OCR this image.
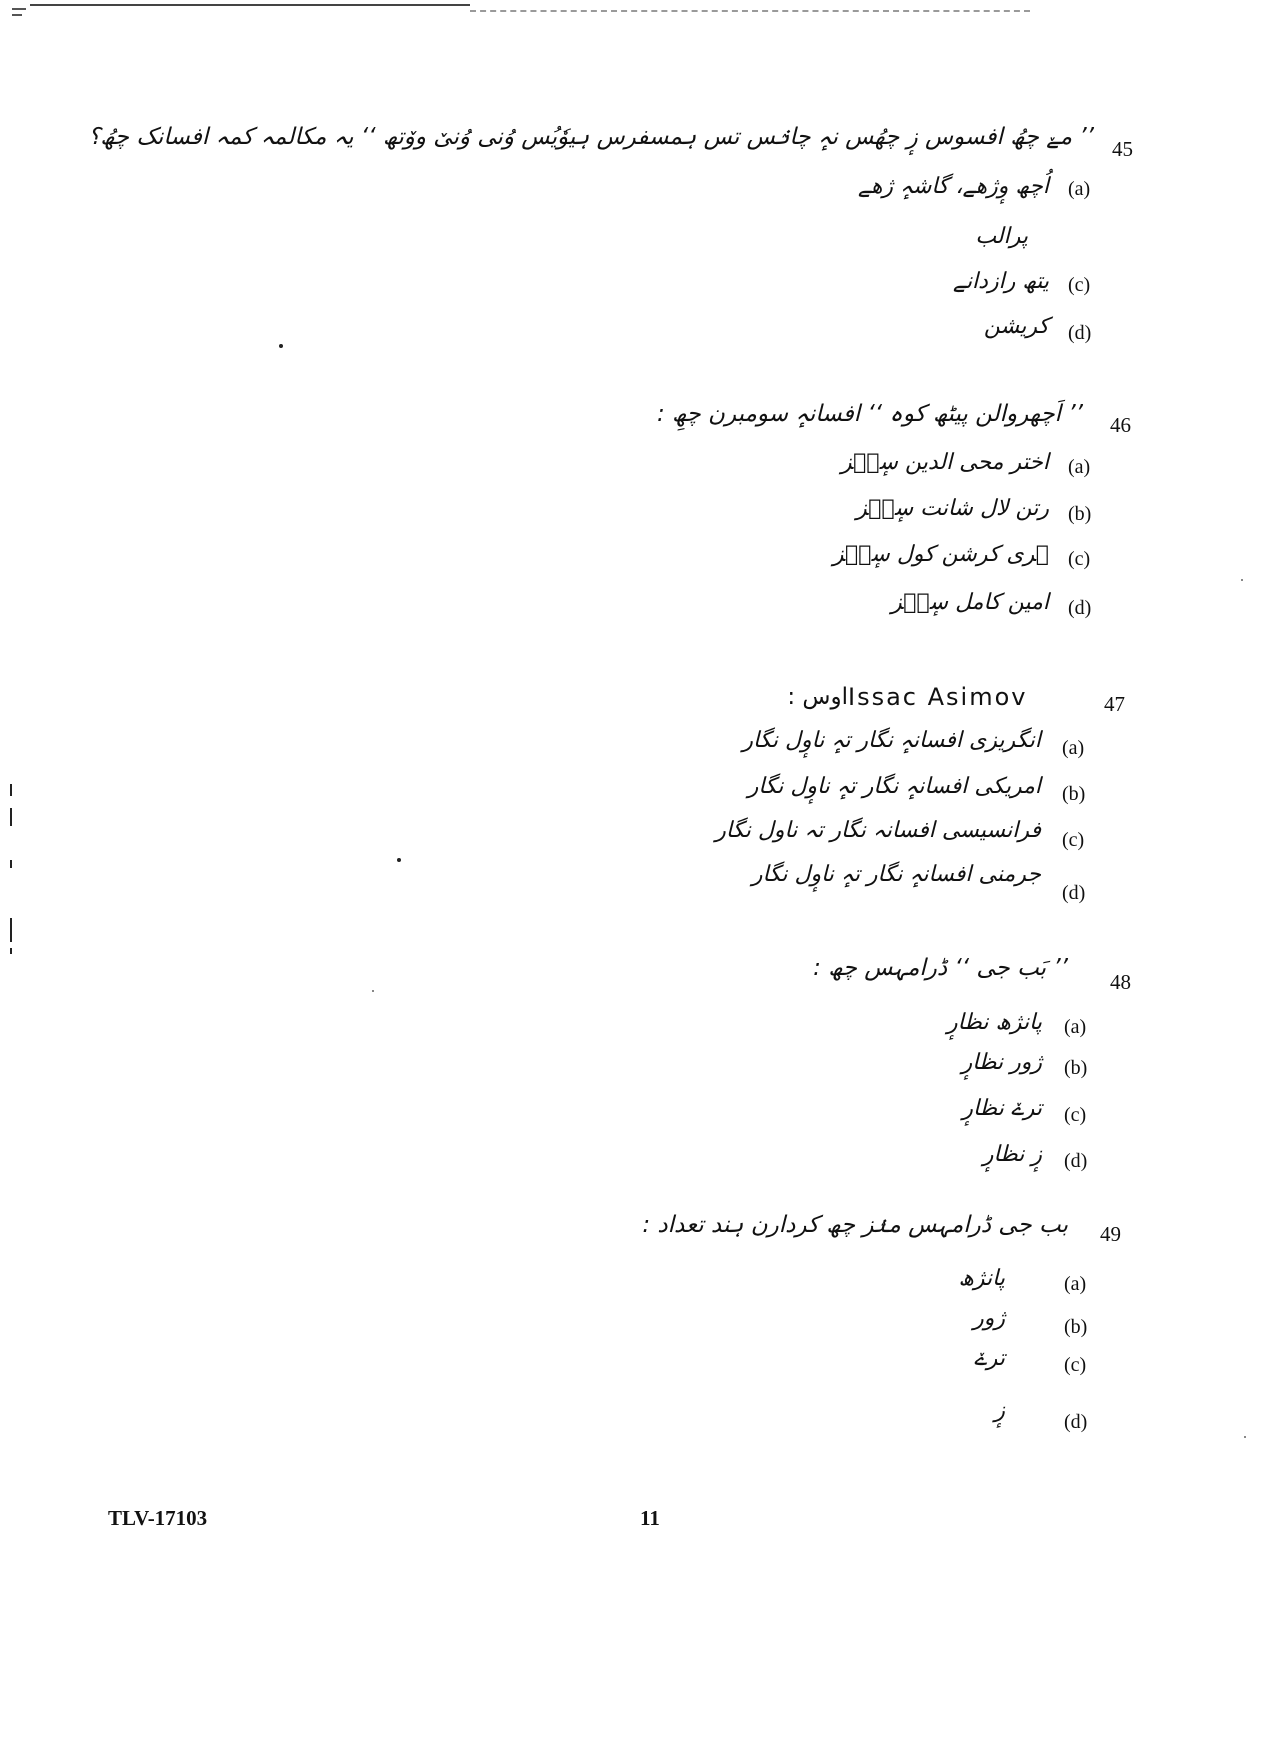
45
’’ مےٚ چھُ افسوس زٕ چھُس نہٕ چانٛس تس ہمسفرس ہیوٗیُس وُنی وُنیٚ ووٚتھ ‘‘ یہ مکالمہ کمہ افسانک چھُ؟
(a)
اُچھ وٕژھے، گاشہٕ ژھے
پرالب
(c)
یتھ رازدانے
(d)
کریشن
46
’’ اَچھروالن پیٹھ کوہ ‘‘ افسانہٕ سومبرن چھِ :
(a)
اختر محی الدین سٕنٛز
(b)
رتن لال شانت سٕنٛز
(c)
ہری کرشن کول سٕنٛز
(d)
امین کامل سٕنٛز
47
Issac Asimov
اوس :
(a)
انگریزی افسانہٕ نگار تہٕ ناوٕل نگار
(b)
امریکی افسانہٕ نگار تہٕ ناوٕل نگار
(c)
فرانسیسی افسانہ نگار تہ ناول نگار
(d)
جرمنی افسانہٕ نگار تہٕ ناوٕل نگار
48
’’ بَب جی ‘‘ ڈرامہس چھ :
(a)
پانژھ نظارٕ
(b)
ژور نظارٕ
(c)
ترےٚ نظارٕ
(d)
زٕ نظارٕ
49
بب جی ڈرامہس منٛز چھ کردارن ہند تعداد :
(a)
پانژھ
(b)
ژور
(c)
ترےٚ
(d)
زٕ
TLV-17103	11
